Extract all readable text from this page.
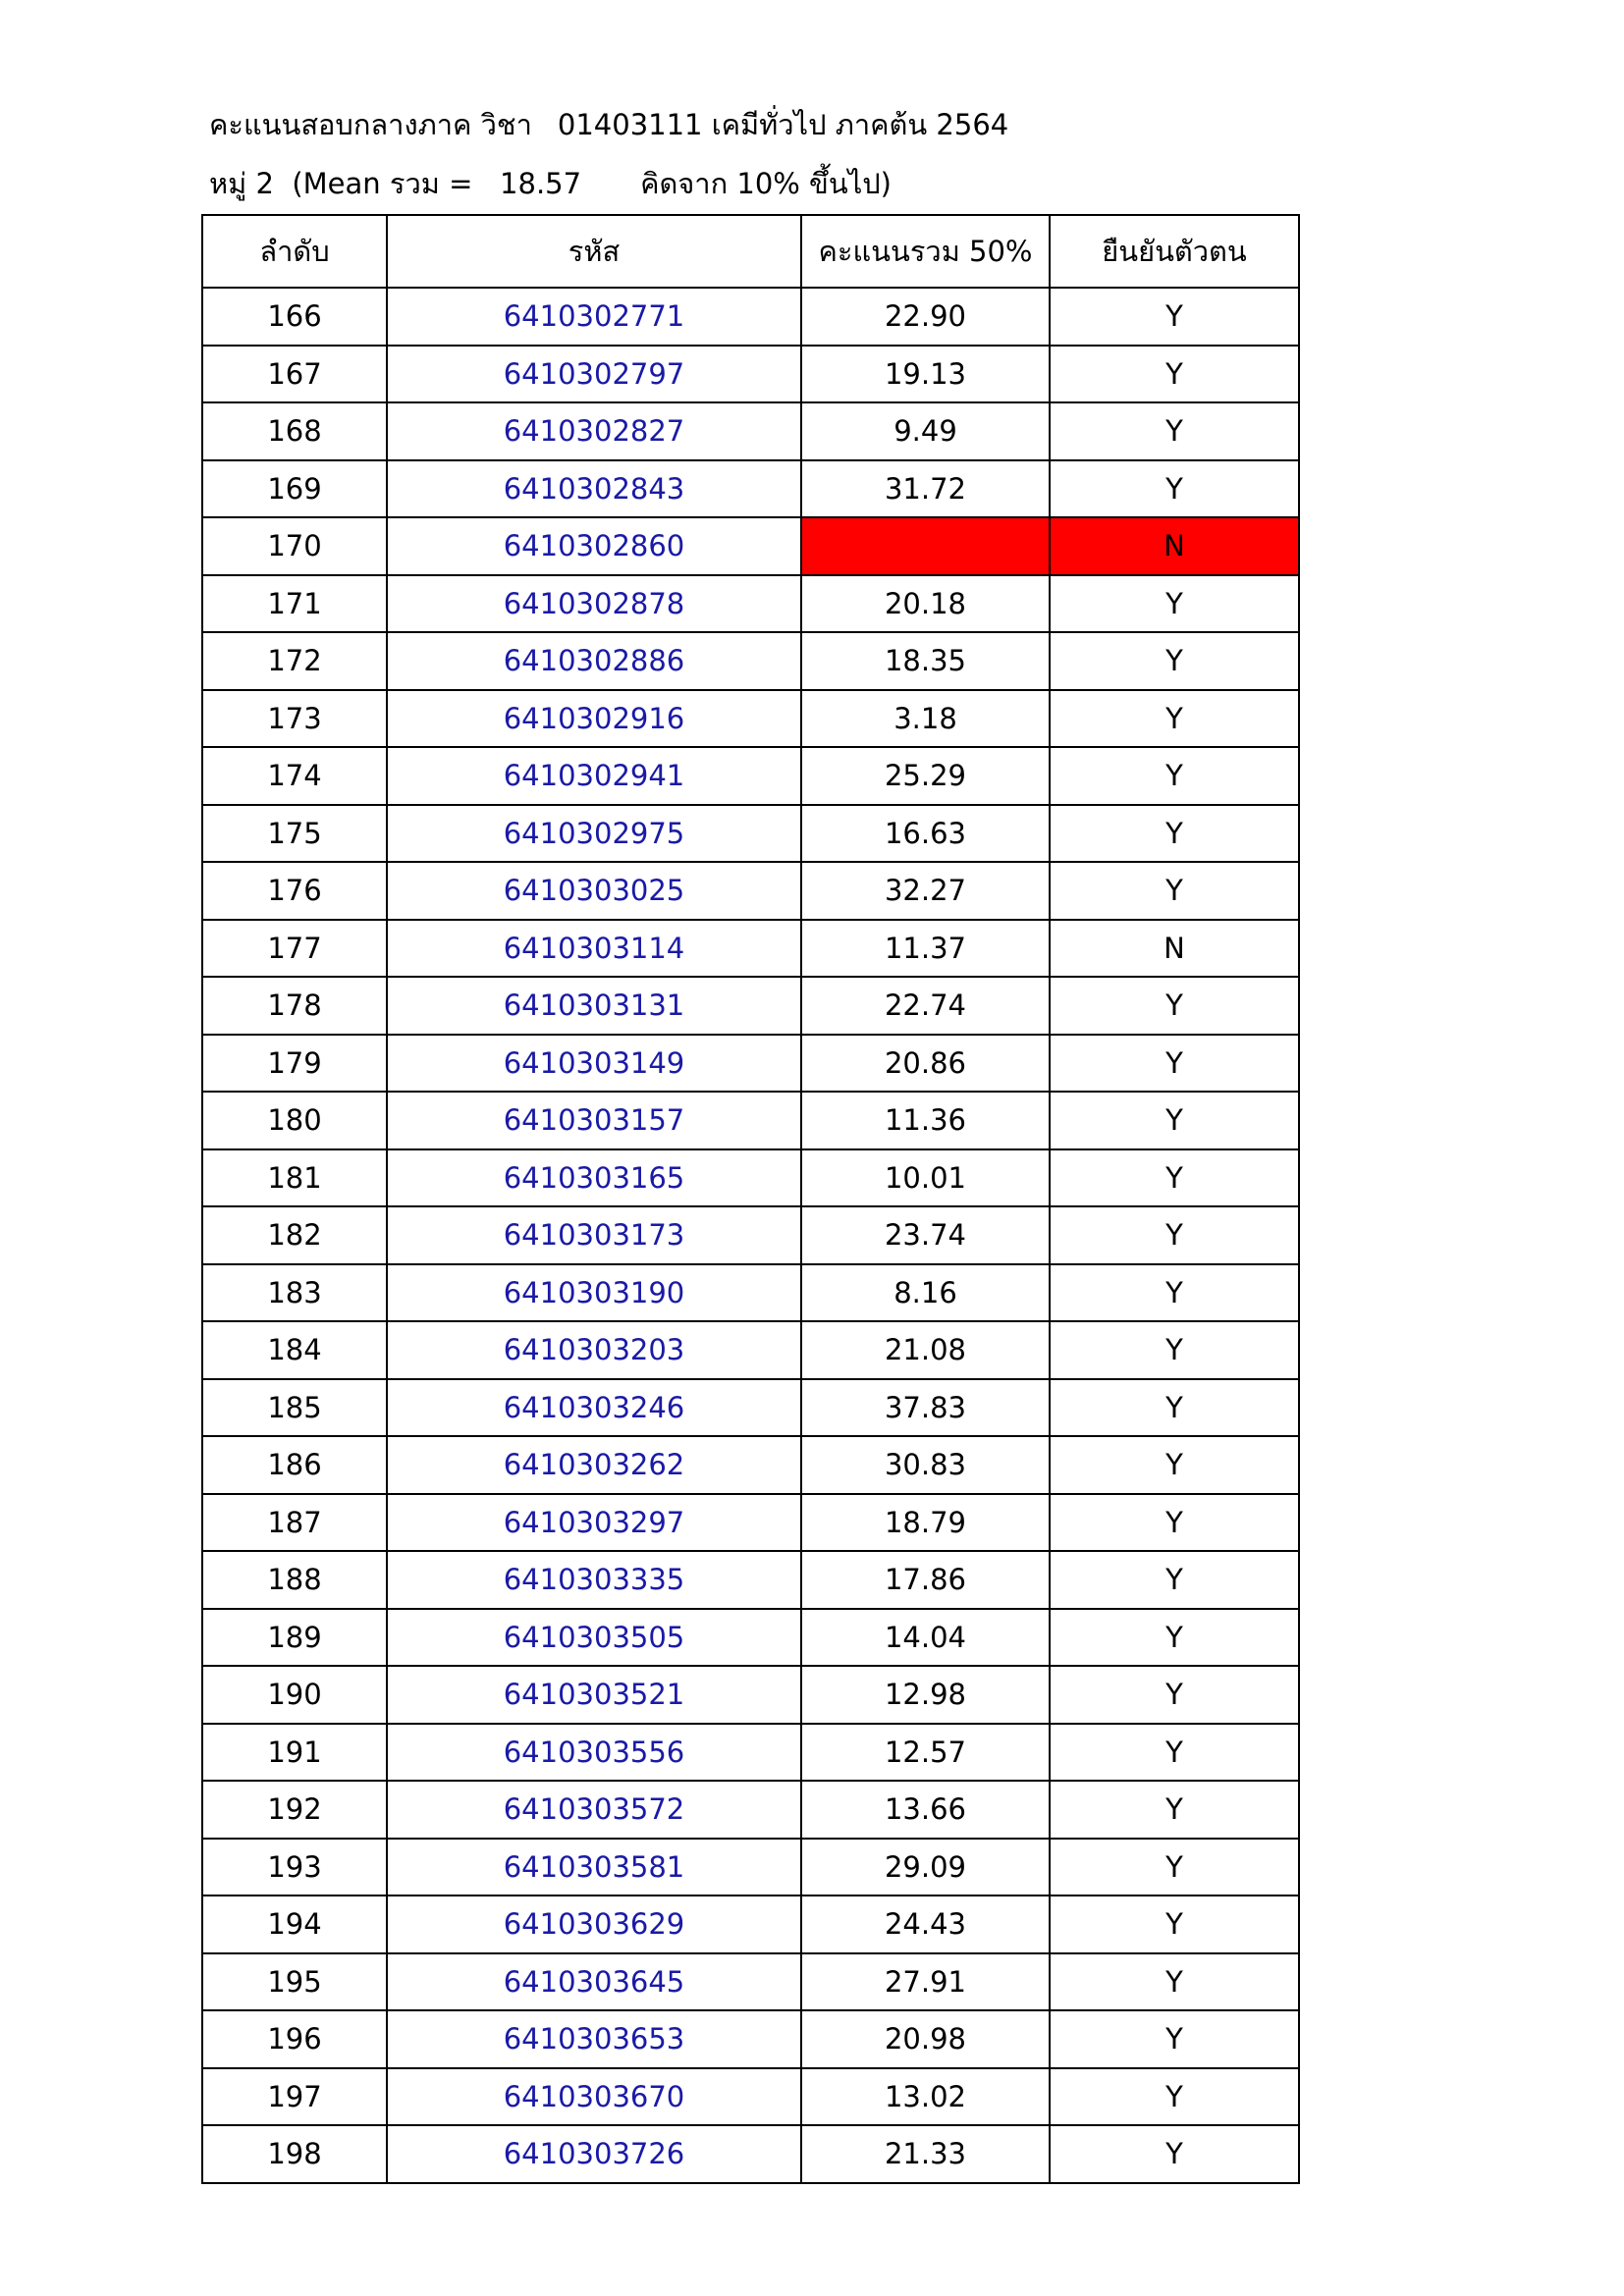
คะแนนสอบกลางภาค วิชา 01403111 เคมีทั่วไป ภาคต้น 2564
หมู่ 2  (Mean รวม = 18.57 คิดจาก 10% ขึ้นไป)
ลำดับ	รหัส	คะแนนรวม 50%	ยืนยันตัวตน
166	6410302771	22.90	Y
167	6410302797	19.13	Y
168	6410302827	9.49	Y
169	6410302843	31.72	Y
170	6410302860		N
171	6410302878	20.18	Y
172	6410302886	18.35	Y
173	6410302916	3.18	Y
174	6410302941	25.29	Y
175	6410302975	16.63	Y
176	6410303025	32.27	Y
177	6410303114	11.37	N
178	6410303131	22.74	Y
179	6410303149	20.86	Y
180	6410303157	11.36	Y
181	6410303165	10.01	Y
182	6410303173	23.74	Y
183	6410303190	8.16	Y
184	6410303203	21.08	Y
185	6410303246	37.83	Y
186	6410303262	30.83	Y
187	6410303297	18.79	Y
188	6410303335	17.86	Y
189	6410303505	14.04	Y
190	6410303521	12.98	Y
191	6410303556	12.57	Y
192	6410303572	13.66	Y
193	6410303581	29.09	Y
194	6410303629	24.43	Y
195	6410303645	27.91	Y
196	6410303653	20.98	Y
197	6410303670	13.02	Y
198	6410303726	21.33	Y
